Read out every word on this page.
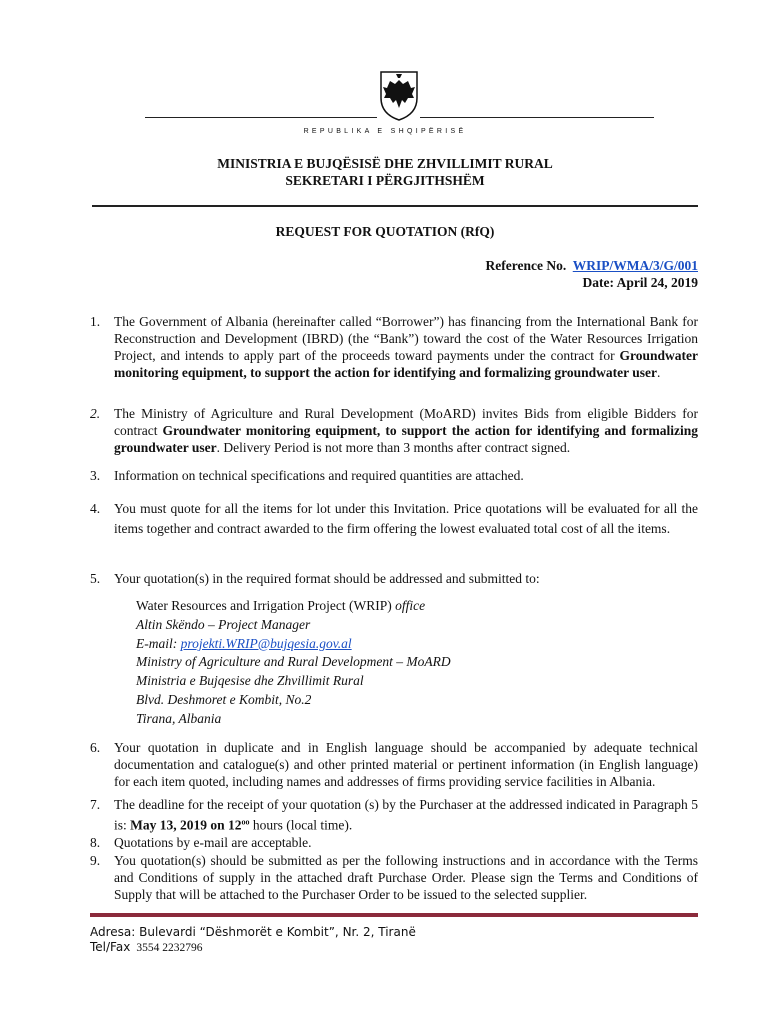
REPUBLIKA E SHQIPËRISË
MINISTRIA E BUJQËSISË DHE ZHVILLIMIT RURAL
SEKRETARI I PËRGJITHSHËM
REQUEST FOR QUOTATION (RfQ)
Reference No. WRIP/WMA/3/G/001
Date: April 24, 2019
1. The Government of Albania (hereinafter called “Borrower”) has financing from the International Bank for Reconstruction and Development (IBRD) (the “Bank”) toward the cost of the Water Resources Irrigation Project, and intends to apply part of the proceeds toward payments under the contract for Groundwater monitoring equipment, to support the action for identifying and formalizing groundwater user.
2. The Ministry of Agriculture and Rural Development (MoARD) invites Bids from eligible Bidders for contract Groundwater monitoring equipment, to support the action for identifying and formalizing groundwater user. Delivery Period is not more than 3 months after contract signed.
3. Information on technical specifications and required quantities are attached.
4. You must quote for all the items for lot under this Invitation. Price quotations will be evaluated for all the items together and contract awarded to the firm offering the lowest evaluated total cost of all the items.
5. Your quotation(s) in the required format should be addressed and submitted to:
Water Resources and Irrigation Project (WRIP) office
Altin Skëndo – Project Manager
E-mail: projekti.WRIP@bujqesia.gov.al
Ministry of Agriculture and Rural Development – MoARD
Ministria e Bujqesise dhe Zhvillimit Rural
Blvd. Deshmoret e Kombit, No.2
Tirana, Albania
6. Your quotation in duplicate and in English language should be accompanied by adequate technical documentation and catalogue(s) and other printed material or pertinent information (in English language) for each item quoted, including names and addresses of firms providing service facilities in Albania.
7. The deadline for the receipt of your quotation (s) by the Purchaser at the addressed indicated in Paragraph 5 is: May 13, 2019 on $12^{oo}$ hours (local time).
8. Quotations by e-mail are acceptable.
9. You quotation(s) should be submitted as per the following instructions and in accordance with the Terms and Conditions of supply in the attached draft Purchase Order. Please sign the Terms and Conditions of Supply that will be attached to the Purchaser Order to be issued to the selected supplier.
Adresa: Bulevardi “Dëshmorët e Kombit”, Nr. 2, Tiranë
Tel/Fax 3554 2232796
